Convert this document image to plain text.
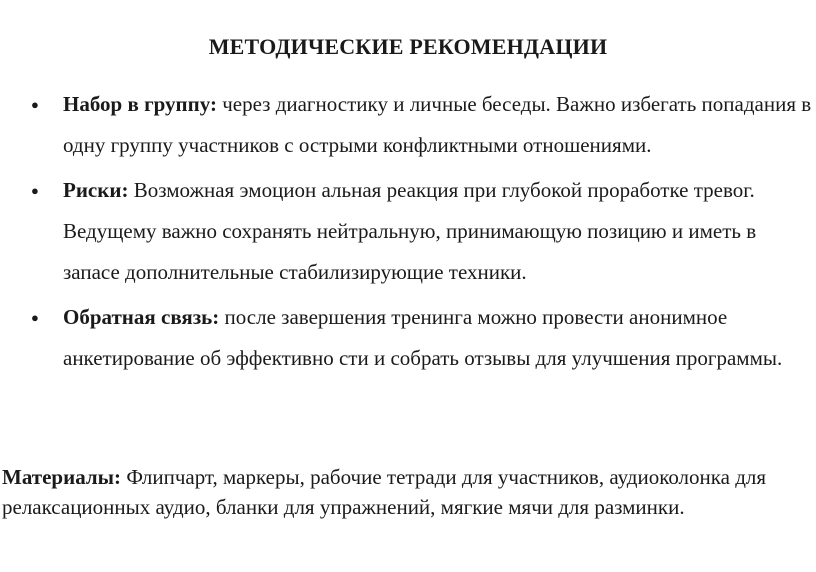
МЕТОДИЧЕСКИЕ РЕКОМЕНДАЦИИ
● Набор в группу: через диагностику и личные беседы. Важно избегать попадания в одну группу участников с острыми конфликтными отношениями.
● Риски: Возможная эмоцион альная реакция при глубокой проработке тревог. Ведущему важно сохранять нейтральную, принимающую позицию и иметь в запасе дополнительные стабилизирующие техники.
● Обратная связь: после завершения тренинга можно провести анонимное анкетирование об эффективно сти и собрать отзывы для улучшения программы.
Материалы: Флипчарт, маркеры, рабочие тетради для участников, аудиоколонка для релаксационных аудио, бланки для упражнений, мягкие мячи для разминки.
